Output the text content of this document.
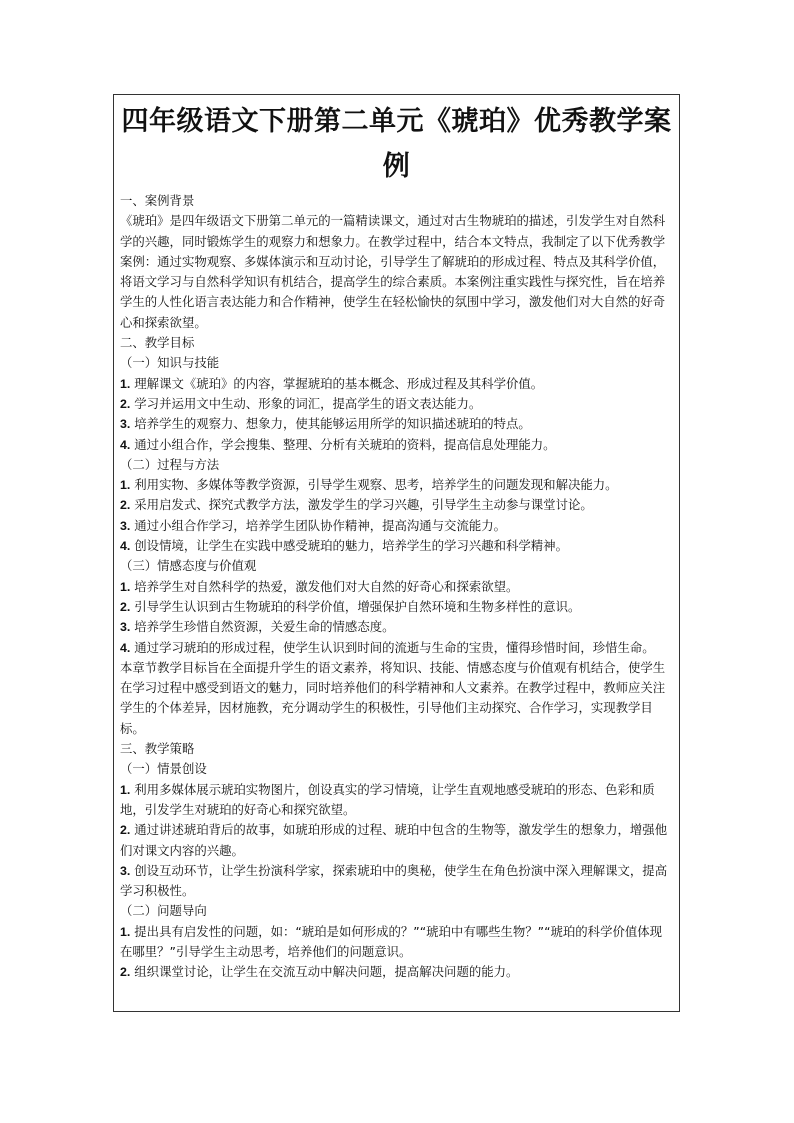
四年级语文下册第二单元《琥珀》优秀教学案例

一、案例背景

《琥珀》是四年级语文下册第二单元的一篇精读课文，通过对古生物琥珀的描述，引发学生对自然科学的兴趣，同时锻炼学生的观察力和想象力。在教学过程中，结合本文特点，我制定了以下优秀教学案例：通过实物观察、多媒体演示和互动讨论，引导学生了解琥珀的形成过程、特点及其科学价值，将语文学习与自然科学知识有机结合，提高学生的综合素质。本案例注重实践性与探究性，旨在培养学生的人性化语言表达能力和合作精神，使学生在轻松愉快的氛围中学习，激发他们对大自然的好奇心和探索欲望。

二、教学目标

（一）知识与技能

1. 理解课文《琥珀》的内容，掌握琥珀的基本概念、形成过程及其科学价值。

2. 学习并运用文中生动、形象的词汇，提高学生的语文表达能力。

3. 培养学生的观察力、想象力，使其能够运用所学的知识描述琥珀的特点。

4. 通过小组合作，学会搜集、整理、分析有关琥珀的资料，提高信息处理能力。

（二）过程与方法

1. 利用实物、多媒体等教学资源，引导学生观察、思考，培养学生的问题发现和解决能力。

2. 采用启发式、探究式教学方法，激发学生的学习兴趣，引导学生主动参与课堂讨论。

3. 通过小组合作学习，培养学生团队协作精神，提高沟通与交流能力。

4. 创设情境，让学生在实践中感受琥珀的魅力，培养学生的学习兴趣和科学精神。

（三）情感态度与价值观

1. 培养学生对自然科学的热爱，激发他们对大自然的好奇心和探索欲望。

2. 引导学生认识到古生物琥珀的科学价值，增强保护自然环境和生物多样性的意识。

3. 培养学生珍惜自然资源，关爱生命的情感态度。

4. 通过学习琥珀的形成过程，使学生认识到时间的流逝与生命的宝贵，懂得珍惜时间，珍惜生命。

本章节教学目标旨在全面提升学生的语文素养，将知识、技能、情感态度与价值观有机结合，使学生在学习过程中感受到语文的魅力，同时培养他们的科学精神和人文素养。在教学过程中，教师应关注学生的个体差异，因材施教，充分调动学生的积极性，引导他们主动探究、合作学习，实现教学目标。

三、教学策略

（一）情景创设

1. 利用多媒体展示琥珀实物图片，创设真实的学习情境，让学生直观地感受琥珀的形态、色彩和质地，引发学生对琥珀的好奇心和探究欲望。

2. 通过讲述琥珀背后的故事，如琥珀形成的过程、琥珀中包含的生物等，激发学生的想象力，增强他们对课文内容的兴趣。

3. 创设互动环节，让学生扮演科学家，探索琥珀中的奥秘，使学生在角色扮演中深入理解课文，提高学习积极性。

（二）问题导向

1. 提出具有启发性的问题，如：“琥珀是如何形成的？”“琥珀中有哪些生物？”“琥珀的科学价值体现在哪里？”引导学生主动思考，培养他们的问题意识。

2. 组织课堂讨论，让学生在交流互动中解决问题，提高解决问题的能力。
